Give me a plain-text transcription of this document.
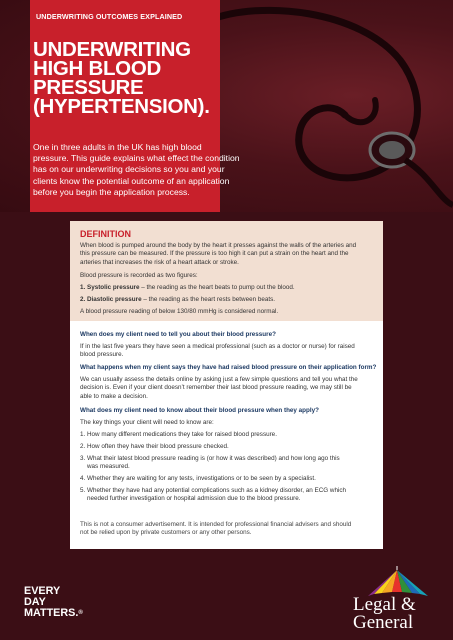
UNDERWRITING OUTCOMES EXPLAINED
UNDERWRITING
HIGH BLOOD
PRESSURE
(HYPERTENSION).
One in three adults in the UK has high blood
pressure. This guide explains what effect the condition
has on our underwriting decisions so you and your
clients know the potential outcome of an application
before you begin the application process.
DEFINITION
When blood is pumped around the body by the heart it presses against the walls of the arteries and
this pressure can be measured. If the pressure is too high it can put a strain on the heart and the
arteries that increases the risk of a heart attack or stroke.
Blood pressure is recorded as two figures:
1. Systolic pressure – the reading as the heart beats to pump out the blood.
2. Diastolic pressure – the reading as the heart rests between beats.
A blood pressure reading of below 130/80 mmHg is considered normal.
When does my client need to tell you about their blood pressure?
If in the last five years they have seen a medical professional (such as a doctor or nurse) for raised
blood pressure.
What happens when my client says they have had raised blood pressure on their application form?
We can usually assess the details online by asking just a few simple questions and tell you what the
decision is. Even if your client doesn’t remember their last blood pressure reading, we may still be
able to make a decision.
What does my client need to know about their blood pressure when they apply?
The key things your client will need to know are:
1. How many different medications they take for raised blood pressure.
2. How often they have their blood pressure checked.
3. What their latest blood pressure reading is (or how it was described) and how long ago this
was measured.
4. Whether they are waiting for any tests, investigations or to be seen by a specialist.
5. Whether they have had any potential complications such as a kidney disorder, an ECG which
needed further investigation or hospital admission due to the blood pressure.
This is not a consumer advertisement. It is intended for professional financial advisers and should
not be relied upon by private customers or any other persons.
EVERY
DAY
MATTERS.®	Legal &
General
